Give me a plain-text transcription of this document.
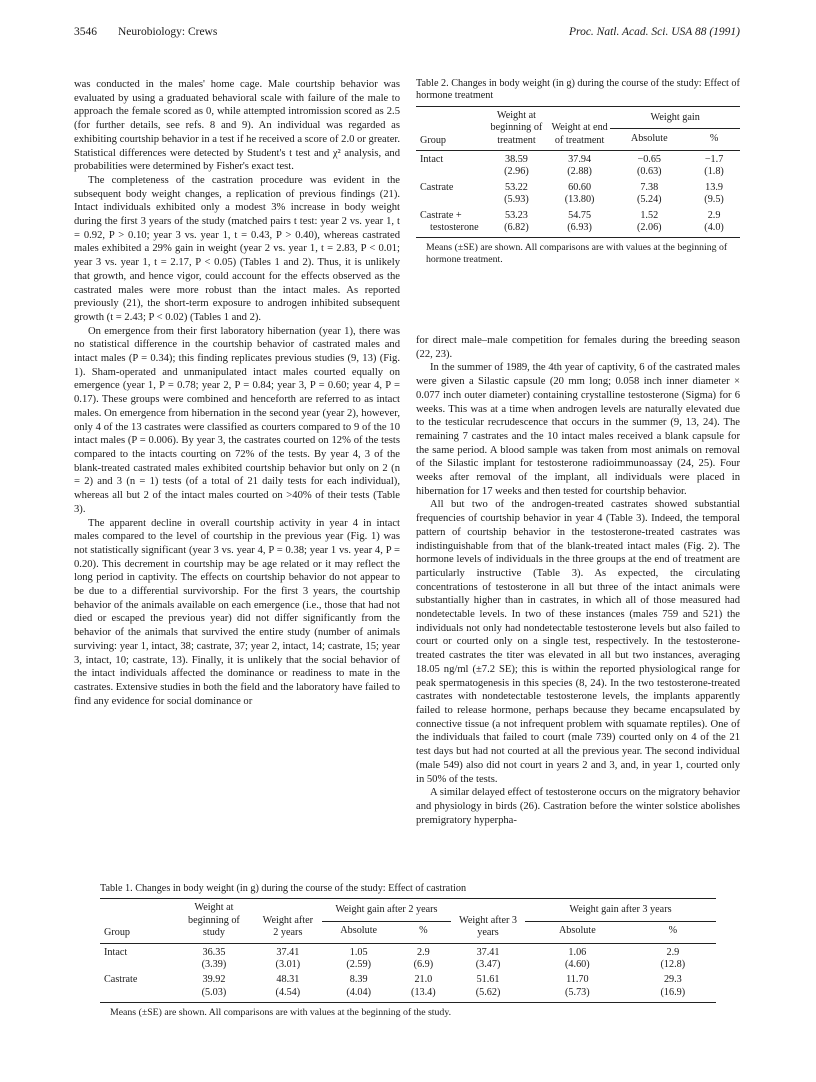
3546 Neurobiology: Crews	Proc. Natl. Acad. Sci. USA 88 (1991)

was conducted in the males' home cage. Male courtship behavior was evaluated by using a graduated behavioral scale with failure of the male to approach the female scored as 0, while attempted intromission scored as 2.5 (for further details, see refs. 8 and 9). An individual was regarded as exhibiting courtship behavior in a test if he received a score of 2.0 or greater. Statistical differences were detected by Student's t test and χ² analysis, and probabilities were determined by Fisher's exact test.

The completeness of the castration procedure was evident in the subsequent body weight changes, a replication of previous findings (21). Intact individuals exhibited only a modest 3% increase in body weight during the first 3 years of the study (matched pairs t test: year 2 vs. year 1, t = 0.92, P > 0.10; year 3 vs. year 1, t = 0.43, P > 0.40), whereas castrated males exhibited a 29% gain in weight (year 2 vs. year 1, t = 2.83, P < 0.01; year 3 vs. year 1, t = 2.17, P < 0.05) (Tables 1 and 2). Thus, it is unlikely that growth, and hence vigor, could account for the effects observed as the castrated males were more robust than the intact males. As reported previously (21), the short-term exposure to androgen inhibited subsequent growth (t = 2.43; P < 0.02) (Tables 1 and 2).

On emergence from their first laboratory hibernation (year 1), there was no statistical difference in the courtship behavior of castrated males and intact males (P = 0.34); this finding replicates previous studies (9, 13) (Fig. 1). Sham-operated and unmanipulated intact males courted equally on emergence (year 1, P = 0.78; year 2, P = 0.84; year 3, P = 0.60; year 4, P = 0.17). These groups were combined and henceforth are referred to as intact males. On emergence from hibernation in the second year (year 2), however, only 4 of the 13 castrates were classified as courters compared to 9 of the 10 intact males (P = 0.006). By year 3, the castrates courted on 12% of the tests compared to the intacts courting on 72% of the tests. By year 4, 3 of the blank-treated castrated males exhibited courtship behavior but only on 2 (n = 2) and 3 (n = 1) tests (of a total of 21 daily tests for each individual), whereas all but 2 of the intact males courted on >40% of their tests (Table 3).

The apparent decline in overall courtship activity in year 4 in intact males compared to the level of courtship in the previous year (Fig. 1) was not statistically significant (year 3 vs. year 4, P = 0.38; year 1 vs. year 4, P = 0.20). This decrement in courtship may be age related or it may reflect the long period in captivity. The effects on courtship behavior do not appear to be due to a differential survivorship. For the first 3 years, the courtship behavior of the animals available on each emergence (i.e., those that had not died or escaped the previous year) did not differ significantly from the behavior of the animals that survived the entire study (number of animals surviving: year 1, intact, 38; castrate, 37; year 2, intact, 14; castrate, 15; year 3, intact, 10; castrate, 13). Finally, it is unlikely that the social behavior of the intact individuals affected the dominance or readiness to mate in the castrates. Extensive studies in both the field and the laboratory have failed to find any evidence for social dominance or

Table 2. Changes in body weight (in g) during the course of the study: Effect of hormone treatment
Group	Weight at beginning of treatment	Weight at end of treatment	Weight gain	
			Absolute	%
Intact	38.59	37.94	−0.65	−1.7
	(2.96)	(2.88)	(0.63)	(1.8)
Castrate	53.22	60.60	7.38	13.9
	(5.93)	(13.80)	(5.24)	(9.5)
Castrate +	53.23	54.75	1.52	2.9
testosterone	(6.82)	(6.93)	(2.06)	(4.0)
Means (±SE) are shown. All comparisons are with values at the beginning of hormone treatment.

for direct male–male competition for females during the breeding season (22, 23).

In the summer of 1989, the 4th year of captivity, 6 of the castrated males were given a Silastic capsule (20 mm long; 0.058 inch inner diameter × 0.077 inch outer diameter) containing crystalline testosterone (Sigma) for 6 weeks. This was at a time when androgen levels are naturally elevated due to the testicular recrudescence that occurs in the summer (9, 13, 24). The remaining 7 castrates and the 10 intact males received a blank capsule for the same period. A blood sample was taken from most animals on removal of the Silastic implant for testosterone radioimmunoassay (24, 25). Four weeks after removal of the implant, all individuals were placed in hibernation for 17 weeks and then tested for courtship behavior.

All but two of the androgen-treated castrates showed substantial frequencies of courtship behavior in year 4 (Table 3). Indeed, the temporal pattern of courtship behavior in the testosterone-treated castrates was indistinguishable from that of the blank-treated intact males (Fig. 2). The hormone levels of individuals in the three groups at the end of treatment are particularly instructive (Table 3). As expected, the circulating concentrations of testosterone in all but three of the intact animals were substantially higher than in castrates, in which all of those measured had nondetectable levels. In two of these instances (males 759 and 521) the individuals not only had nondetectable testosterone levels but also failed to court or courted only on a single test, respectively. In the testosterone-treated castrates the titer was elevated in all but two instances, averaging 18.05 ng/ml (±7.2 SE); this is within the reported physiological range for peak spermatogenesis in this species (8, 24). In the two testosterone-treated castrates with nondetectable testosterone levels, the implants apparently failed to release hormone, perhaps because they became encapsulated by connective tissue (a not infrequent problem with squamate reptiles). One of the individuals that failed to court (male 739) courted only on 4 of the 21 test days but had not courted at all the previous year. The second individual (male 549) also did not court in years 2 and 3, and, in year 1, courted only in 50% of the tests.

A similar delayed effect of testosterone occurs on the migratory behavior and physiology in birds (26). Castration before the winter solstice abolishes premigratory hyperpha-

Table 1. Changes in body weight (in g) during the course of the study: Effect of castration
Group	Weight at beginning of study	Weight after 2 years	Weight gain after 2 years		Weight after 3 years	Weight gain after 3 years	
			Absolute	%		Absolute	%
Intact	36.35	37.41	1.05	2.9	37.41	1.06	2.9
	(3.39)	(3.01)	(2.59)	(6.9)	(3.47)	(4.60)	(12.8)
Castrate	39.92	48.31	8.39	21.0	51.61	11.70	29.3
	(5.03)	(4.54)	(4.04)	(13.4)	(5.62)	(5.73)	(16.9)
Means (±SE) are shown. All comparisons are with values at the beginning of the study.
